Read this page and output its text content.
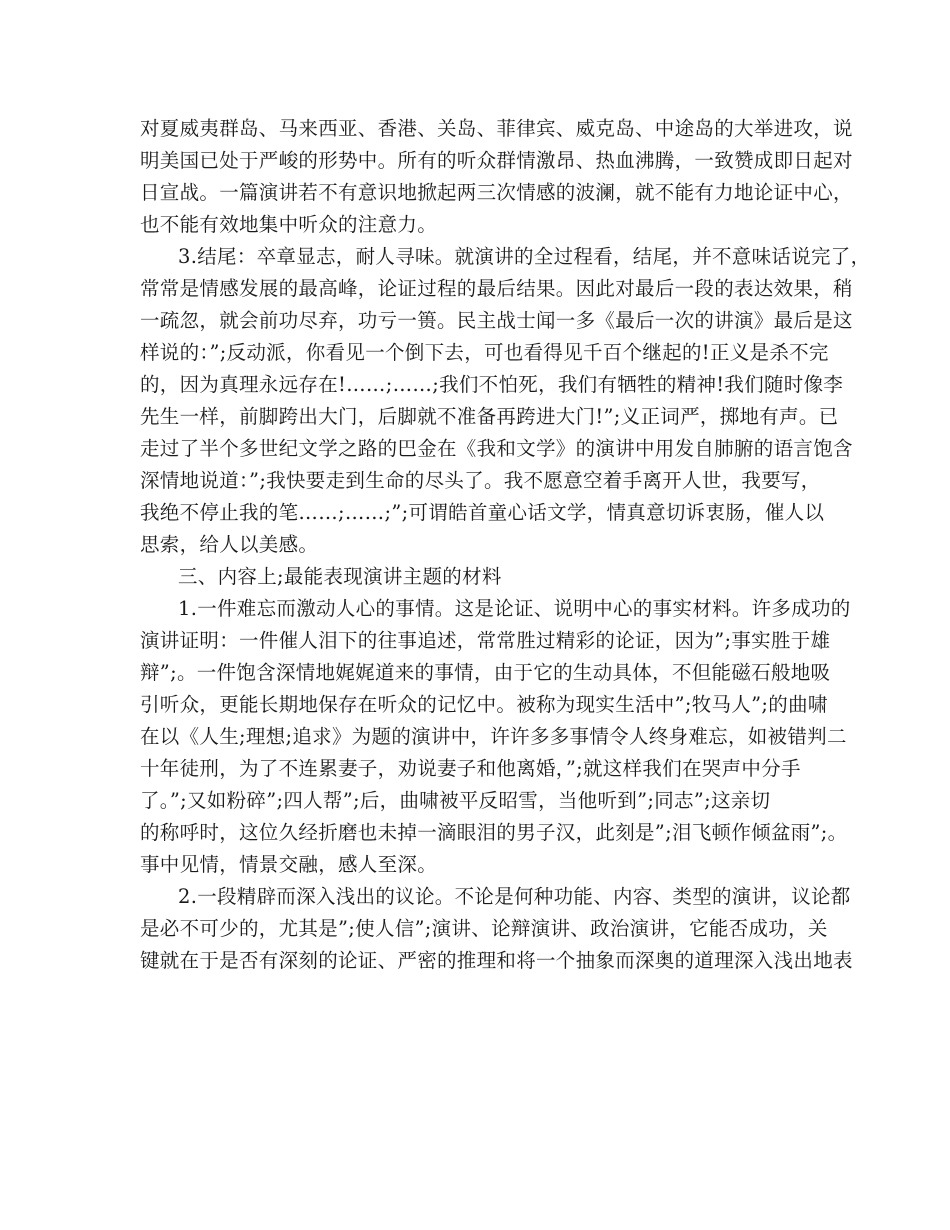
对夏威夷群岛、马来西亚、香港、关岛、菲律宾、威克岛、中途岛的大举进攻，说
明美国已处于严峻的形势中。所有的听众群情激昂、热血沸腾，一致赞成即日起对
日宣战。一篇演讲若不有意识地掀起两三次情感的波澜，就不能有力地论证中心，
也不能有效地集中听众的注意力。
3.结尾：卒章显志，耐人寻味。就演讲的全过程看，结尾，并不意味话说完了，
常常是情感发展的最高峰，论证过程的最后结果。因此对最后一段的表达效果，稍
一疏忽，就会前功尽弃，功亏一篑。民主战士闻一多《最后一次的讲演》最后是这
样说的：”;反动派，你看见一个倒下去，可也看得见千百个继起的!正义是杀不完
的，因为真理永远存在!……;……;我们不怕死，我们有牺牲的精神!我们随时像李
先生一样，前脚跨出大门，后脚就不准备再跨进大门!”;义正词严，掷地有声。已
走过了半个多世纪文学之路的巴金在《我和文学》的演讲中用发自肺腑的语言饱含
深情地说道：”;我快要走到生命的尽头了。我不愿意空着手离开人世，我要写，
我绝不停止我的笔……;……;”;可谓皓首童心话文学，情真意切诉衷肠，催人以
思索，给人以美感。
三、内容上;最能表现演讲主题的材料
1.一件难忘而激动人心的事情。这是论证、说明中心的事实材料。许多成功的
演讲证明：一件催人泪下的往事追述，常常胜过精彩的论证，因为”;事实胜于雄
辩”;。一件饱含深情地娓娓道来的事情，由于它的生动具体，不但能磁石般地吸
引听众，更能长期地保存在听众的记忆中。被称为现实生活中”;牧马人”;的曲啸
在以《人生;理想;追求》为题的演讲中，许许多多事情令人终身难忘，如被错判二
十年徒刑，为了不连累妻子，劝说妻子和他离婚，”;就这样我们在哭声中分手
了。”;又如粉碎”;四人帮”;后，曲啸被平反昭雪，当他听到”;同志”;这亲切
的称呼时，这位久经折磨也未掉一滴眼泪的男子汉，此刻是”;泪飞顿作倾盆雨”;。
事中见情，情景交融，感人至深。
2.一段精辟而深入浅出的议论。不论是何种功能、内容、类型的演讲，议论都
是必不可少的，尤其是”;使人信”;演讲、论辩演讲、政治演讲，它能否成功，关
键就在于是否有深刻的论证、严密的推理和将一个抽象而深奥的道理深入浅出地表
